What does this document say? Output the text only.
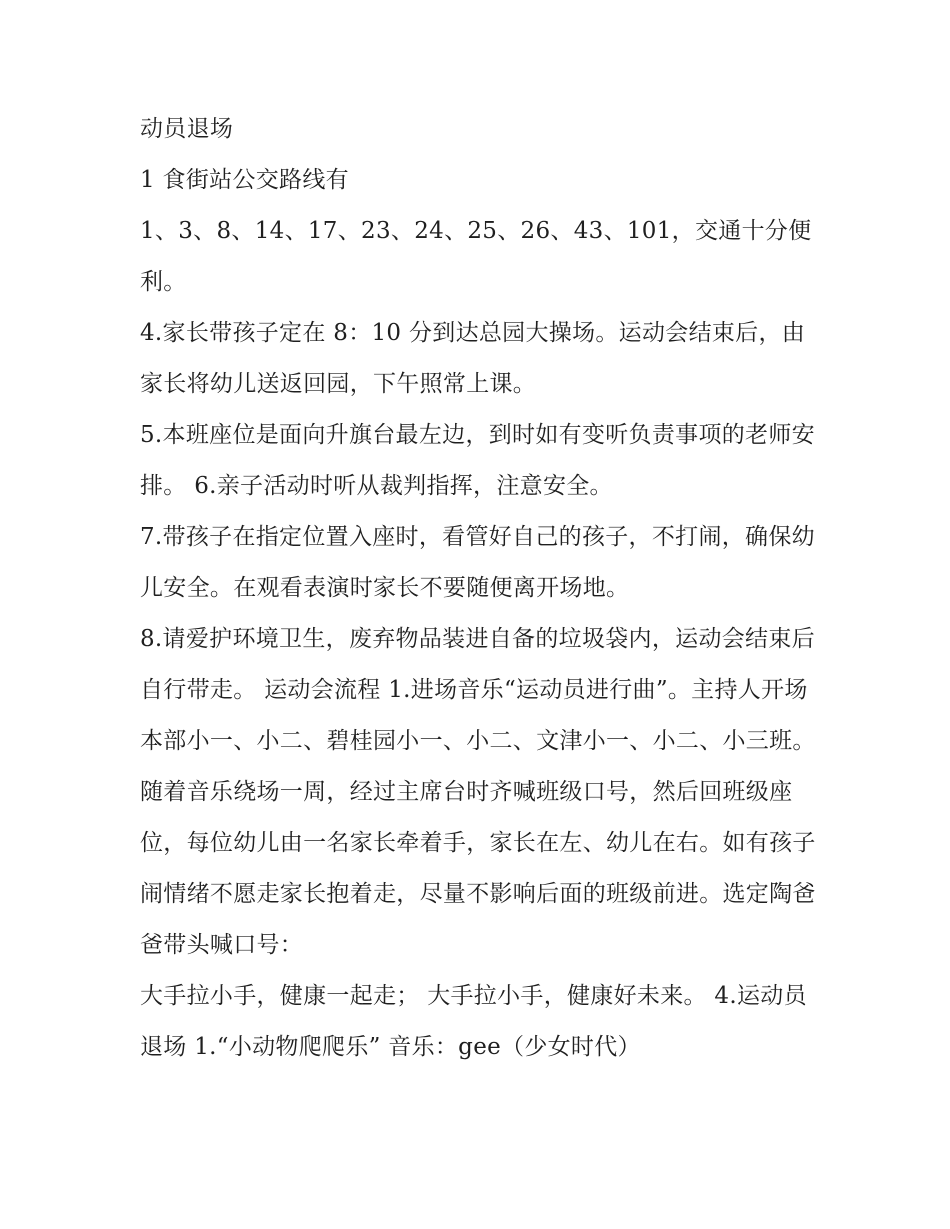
动员退场

1 食街站公交路线有

1、3、8、14、17、23、24、25、26、43、101，交通十分便利。

4.家长带孩子定在 8：10 分到达总园大操场。运动会结束后，由家长将幼儿送返回园，下午照常上课。

5.本班座位是面向升旗台最左边，到时如有变听负责事项的老师安排。 6.亲子活动时听从裁判指挥，注意安全。

7.带孩子在指定位置入座时，看管好自己的孩子，不打闹，确保幼儿安全。在观看表演时家长不要随便离开场地。

8.请爱护环境卫生，废弃物品装进自备的垃圾袋内，运动会结束后自行带走。 运动会流程 1.进场音乐“运动员进行曲”。主持人开场

本部小一、小二、碧桂园小一、小二、文津小一、小二、小三班。

随着音乐绕场一周，经过主席台时齐喊班级口号，然后回班级座位，每位幼儿由一名家长牵着手，家长在左、幼儿在右。如有孩子闹情绪不愿走家长抱着走，尽量不影响后面的班级前进。选定陶爸爸带头喊口号：

大手拉小手，健康一起走； 大手拉小手，健康好未来。 4.运动员退场 1.“小动物爬爬乐” 音乐：gee（少女时代）
